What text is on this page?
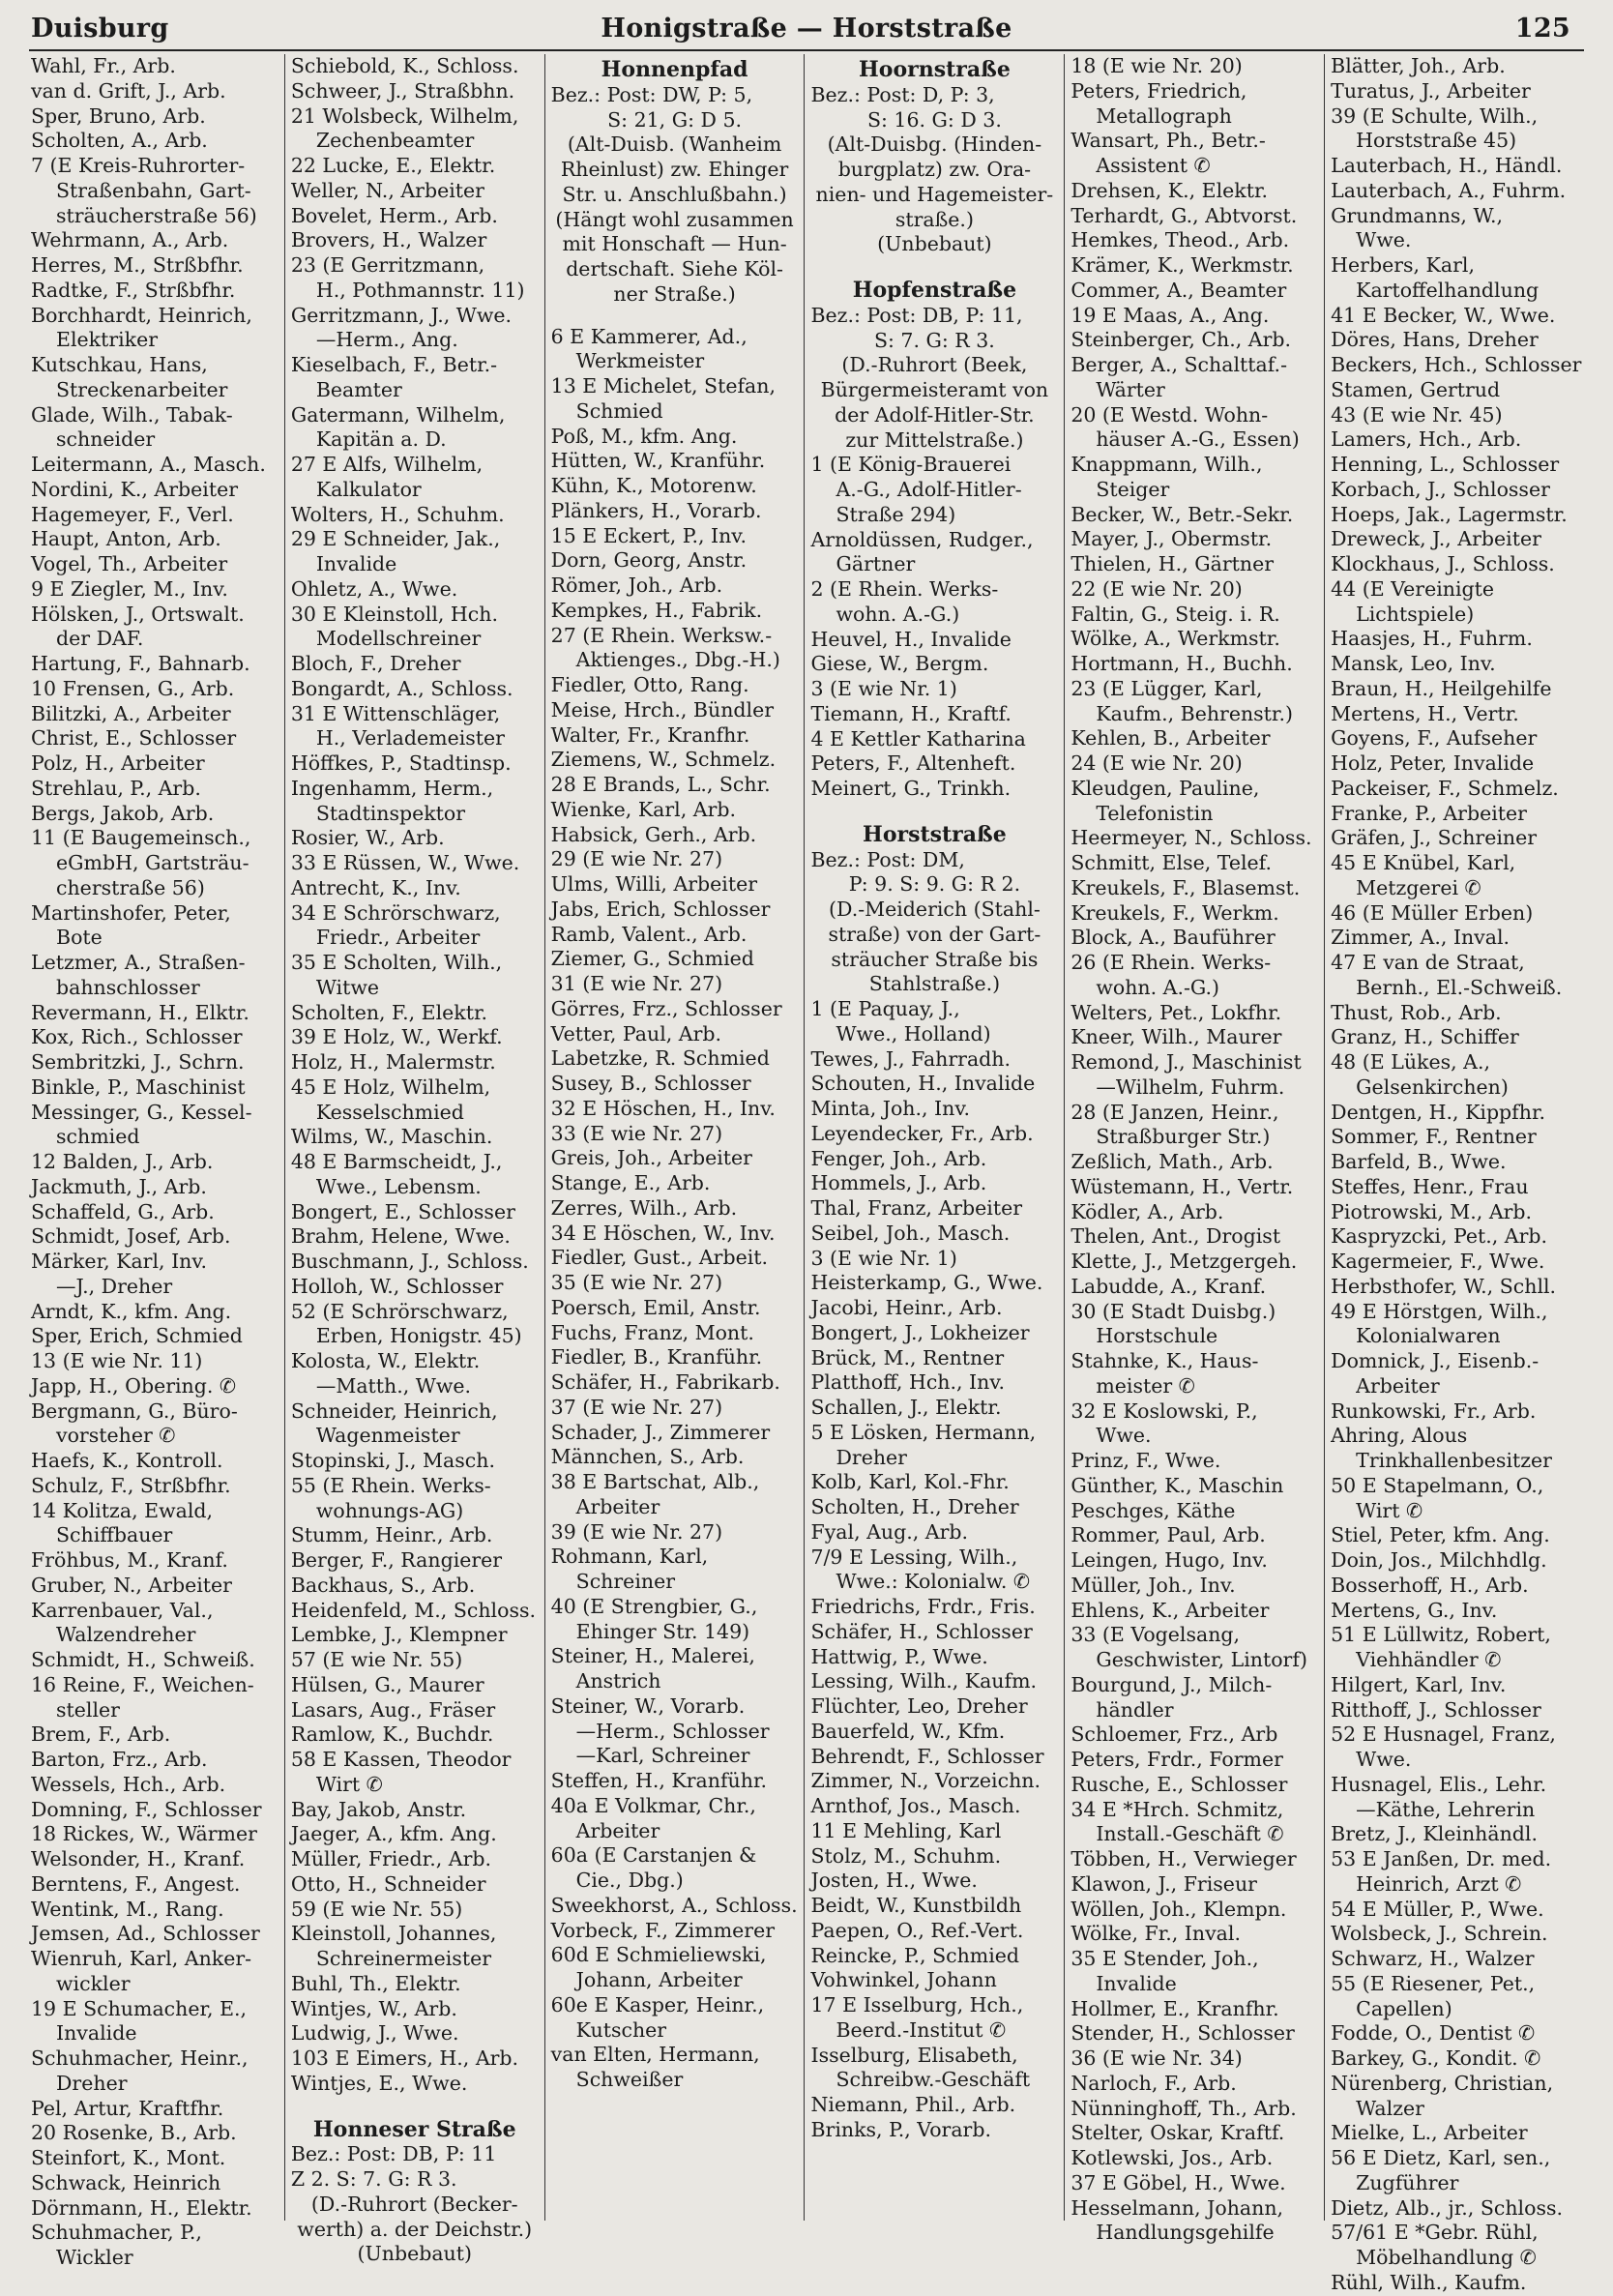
Duisburg	Honigstraße — Horststraße	125
Wahl, Fr., Arb.
van d. Grift, J., Arb.
Sper, Bruno, Arb.
Scholten, A., Arb.
7 (E Kreis-Ruhrorter-
Straßenbahn, Gart-
sträucherstraße 56)
Wehrmann, A., Arb.
Herres, M., Strßbfhr.
Radtke, F., Strßbfhr.
Borchhardt, Heinrich,
Elektriker
Kutschkau, Hans,
Streckenarbeiter
Glade, Wilh., Tabak-
schneider
Leitermann, A., Masch.
Nordini, K., Arbeiter
Hagemeyer, F., Verl.
Haupt, Anton, Arb.
Vogel, Th., Arbeiter
9 E Ziegler, M., Inv.
Hölsken, J., Ortswalt.
der DAF.
Hartung, F., Bahnarb.
10 Frensen, G., Arb.
Bilitzki, A., Arbeiter
Christ, E., Schlosser
Polz, H., Arbeiter
Strehlau, P., Arb.
Bergs, Jakob, Arb.
11 (E Baugemeinsch.,
eGmbH, Gartsträu-
cherstraße 56)
Martinshofer, Peter,
Bote
Letzmer, A., Straßen-
bahnschlosser
Revermann, H., Elktr.
Kox, Rich., Schlosser
Sembritzki, J., Schrn.
Binkle, P., Maschinist
Messinger, G., Kessel-
schmied
12 Balden, J., Arb.
Jackmuth, J., Arb.
Schaffeld, G., Arb.
Schmidt, Josef, Arb.
Märker, Karl, Inv.
—J., Dreher
Arndt, K., kfm. Ang.
Sper, Erich, Schmied
13 (E wie Nr. 11)
Japp, H., Obering. ✆
Bergmann, G., Büro-
vorsteher ✆
Haefs, K., Kontroll.
Schulz, F., Strßbfhr.
14 Kolitza, Ewald,
Schiffbauer
Fröhbus, M., Kranf.
Gruber, N., Arbeiter
Karrenbauer, Val.,
Walzendreher
Schmidt, H., Schweiß.
16 Reine, F., Weichen-
steller
Brem, F., Arb.
Barton, Frz., Arb.
Wessels, Hch., Arb.
Domning, F., Schlosser
18 Rickes, W., Wärmer
Welsonder, H., Kranf.
Berntens, F., Angest.
Wentink, M., Rang.
Jemsen, Ad., Schlosser
Wienruh, Karl, Anker-
wickler
19 E Schumacher, E.,
Invalide
Schuhmacher, Heinr.,
Dreher
Pel, Artur, Kraftfhr.
20 Rosenke, B., Arb.
Steinfort, K., Mont.
Schwack, Heinrich
Dörnmann, H., Elektr.
Schuhmacher, P.,
Wickler
Schiebold, K., Schloss.
Schweer, J., Straßbhn.
21 Wolsbeck, Wilhelm,
Zechenbeamter
22 Lucke, E., Elektr.
Weller, N., Arbeiter
Bovelet, Herm., Arb.
Brovers, H., Walzer
23 (E Gerritzmann,
H., Pothmannstr. 11)
Gerritzmann, J., Wwe.
—Herm., Ang.
Kieselbach, F., Betr.-
Beamter
Gatermann, Wilhelm,
Kapitän a. D.
27 E Alfs, Wilhelm,
Kalkulator
Wolters, H., Schuhm.
29 E Schneider, Jak.,
Invalide
Ohletz, A., Wwe.
30 E Kleinstoll, Hch.
Modellschreiner
Bloch, F., Dreher
Bongardt, A., Schloss.
31 E Wittenschläger,
H., Verlademeister
Höffkes, P., Stadtinsp.
Ingenhamm, Herm.,
Stadtinspektor
Rosier, W., Arb.
33 E Rüssen, W., Wwe.
Antrecht, K., Inv.
34 E Schrörschwarz,
Friedr., Arbeiter
35 E Scholten, Wilh.,
Witwe
Scholten, F., Elektr.
39 E Holz, W., Werkf.
Holz, H., Malermstr.
45 E Holz, Wilhelm,
Kesselschmied
Wilms, W., Maschin.
48 E Barmscheidt, J.,
Wwe., Lebensm.
Bongert, E., Schlosser
Brahm, Helene, Wwe.
Buschmann, J., Schloss.
Holloh, W., Schlosser
52 (E Schrörschwarz,
Erben, Honigstr. 45)
Kolosta, W., Elektr.
—Matth., Wwe.
Schneider, Heinrich,
Wagenmeister
Stopinski, J., Masch.
55 (E Rhein. Werks-
wohnungs-AG)
Stumm, Heinr., Arb.
Berger, F., Rangierer
Backhaus, S., Arb.
Heidenfeld, M., Schloss.
Lembke, J., Klempner
57 (E wie Nr. 55)
Hülsen, G., Maurer
Lasars, Aug., Fräser
Ramlow, K., Buchdr.
58 E Kassen, Theodor
Wirt ✆
Bay, Jakob, Anstr.
Jaeger, A., kfm. Ang.
Müller, Friedr., Arb.
Otto, H., Schneider
59 (E wie Nr. 55)
Kleinstoll, Johannes,
Schreinermeister
Buhl, Th., Elektr.
Wintjes, W., Arb.
Ludwig, J., Wwe.
103 E Eimers, H., Arb.
Wintjes, E., Wwe.
Honneser Straße
Bez.: Post: DB, P: 11
Z 2. S: 7. G: R 3.
(D.-Ruhrort (Becker-
werth) a. der Deichstr.)
(Unbebaut)
Honnenpfad
Bez.: Post: DW, P: 5,
S: 21, G: D 5.
(Alt-Duisb. (Wanheim
Rheinlust) zw. Ehinger
Str. u. Anschlußbahn.)
(Hängt wohl zusammen
mit Honschaft — Hun-
dertschaft. Siehe Köl-
ner Straße.)
6 E Kammerer, Ad.,
Werkmeister
13 E Michelet, Stefan,
Schmied
Poß, M., kfm. Ang.
Hütten, W., Kranführ.
Kühn, K., Motorenw.
Plänkers, H., Vorarb.
15 E Eckert, P., Inv.
Dorn, Georg, Anstr.
Römer, Joh., Arb.
Kempkes, H., Fabrik.
27 (E Rhein. Werksw.-
Aktienges., Dbg.-H.)
Fiedler, Otto, Rang.
Meise, Hrch., Bündler
Walter, Fr., Kranfhr.
Ziemens, W., Schmelz.
28 E Brands, L., Schr.
Wienke, Karl, Arb.
Habsick, Gerh., Arb.
29 (E wie Nr. 27)
Ulms, Willi, Arbeiter
Jabs, Erich, Schlosser
Ramb, Valent., Arb.
Ziemer, G., Schmied
31 (E wie Nr. 27)
Görres, Frz., Schlosser
Vetter, Paul, Arb.
Labetzke, R. Schmied
Susey, B., Schlosser
32 E Höschen, H., Inv.
33 (E wie Nr. 27)
Greis, Joh., Arbeiter
Stange, E., Arb.
Zerres, Wilh., Arb.
34 E Höschen, W., Inv.
Fiedler, Gust., Arbeit.
35 (E wie Nr. 27)
Poersch, Emil, Anstr.
Fuchs, Franz, Mont.
Fiedler, B., Kranführ.
Schäfer, H., Fabrikarb.
37 (E wie Nr. 27)
Schader, J., Zimmerer
Männchen, S., Arb.
38 E Bartschat, Alb.,
Arbeiter
39 (E wie Nr. 27)
Rohmann, Karl,
Schreiner
40 (E Strengbier, G.,
Ehinger Str. 149)
Steiner, H., Malerei,
Anstrich
Steiner, W., Vorarb.
—Herm., Schlosser
—Karl, Schreiner
Steffen, H., Kranführ.
40a E Volkmar, Chr.,
Arbeiter
60a (E Carstanjen &
Cie., Dbg.)
Sweekhorst, A., Schloss.
Vorbeck, F., Zimmerer
60d E Schmieliewski,
Johann, Arbeiter
60e E Kasper, Heinr.,
Kutscher
van Elten, Hermann,
Schweißer
Hoornstraße
Bez.: Post: D, P: 3,
S: 16. G: D 3.
(Alt-Duisbg. (Hinden-
burgplatz) zw. Ora-
nien- und Hagemeister-
straße.)
(Unbebaut)
Hopfenstraße
Bez.: Post: DB, P: 11,
S: 7. G: R 3.
(D.-Ruhrort (Beek,
Bürgermeisteramt von
der Adolf-Hitler-Str.
zur Mittelstraße.)
1 (E König-Brauerei
A.-G., Adolf-Hitler-
Straße 294)
Arnoldüssen, Rudger.,
Gärtner
2 (E Rhein. Werks-
wohn. A.-G.)
Heuvel, H., Invalide
Giese, W., Bergm.
3 (E wie Nr. 1)
Tiemann, H., Kraftf.
4 E Kettler Katharina
Peters, F., Altenheft.
Meinert, G., Trinkh.
Horststraße
Bez.: Post: DM,
P: 9. S: 9. G: R 2.
(D.-Meiderich (Stahl-
straße) von der Gart-
sträucher Straße bis
Stahlstraße.)
1 (E Paquay, J.,
Wwe., Holland)
Tewes, J., Fahrradh.
Schouten, H., Invalide
Minta, Joh., Inv.
Leyendecker, Fr., Arb.
Fenger, Joh., Arb.
Hommels, J., Arb.
Thal, Franz, Arbeiter
Seibel, Joh., Masch.
3 (E wie Nr. 1)
Heisterkamp, G., Wwe.
Jacobi, Heinr., Arb.
Bongert, J., Lokheizer
Brück, M., Rentner
Platthoff, Hch., Inv.
Schallen, J., Elektr.
5 E Lösken, Hermann,
Dreher
Kolb, Karl, Kol.-Fhr.
Scholten, H., Dreher
Fyal, Aug., Arb.
7/9 E Lessing, Wilh.,
Wwe.: Kolonialw. ✆
Friedrichs, Frdr., Fris.
Schäfer, H., Schlosser
Hattwig, P., Wwe.
Lessing, Wilh., Kaufm.
Flüchter, Leo, Dreher
Bauerfeld, W., Kfm.
Behrendt, F., Schlosser
Zimmer, N., Vorzeichn.
Arnthof, Jos., Masch.
11 E Mehling, Karl
Stolz, M., Schuhm.
Josten, H., Wwe.
Beidt, W., Kunstbildh
Paepen, O., Ref.-Vert.
Reincke, P., Schmied
Vohwinkel, Johann
17 E Isselburg, Hch.,
Beerd.-Institut ✆
Isselburg, Elisabeth,
Schreibw.-Geschäft
Niemann, Phil., Arb.
Brinks, P., Vorarb.
18 (E wie Nr. 20)
Peters, Friedrich,
Metallograph
Wansart, Ph., Betr.-
Assistent ✆
Drehsen, K., Elektr.
Terhardt, G., Abtvorst.
Hemkes, Theod., Arb.
Krämer, K., Werkmstr.
Commer, A., Beamter
19 E Maas, A., Ang.
Steinberger, Ch., Arb.
Berger, A., Schalttaf.-
Wärter
20 (E Westd. Wohn-
häuser A.-G., Essen)
Knappmann, Wilh.,
Steiger
Becker, W., Betr.-Sekr.
Mayer, J., Obermstr.
Thielen, H., Gärtner
22 (E wie Nr. 20)
Faltin, G., Steig. i. R.
Wölke, A., Werkmstr.
Hortmann, H., Buchh.
23 (E Lügger, Karl,
Kaufm., Behrenstr.)
Kehlen, B., Arbeiter
24 (E wie Nr. 20)
Kleudgen, Pauline,
Telefonistin
Heermeyer, N., Schloss.
Schmitt, Else, Telef.
Kreukels, F., Blasemst.
Kreukels, F., Werkm.
Block, A., Bauführer
26 (E Rhein. Werks-
wohn. A.-G.)
Welters, Pet., Lokfhr.
Kneer, Wilh., Maurer
Remond, J., Maschinist
—Wilhelm, Fuhrm.
28 (E Janzen, Heinr.,
Straßburger Str.)
Zeßlich, Math., Arb.
Wüstemann, H., Vertr.
Ködler, A., Arb.
Thelen, Ant., Drogist
Klette, J., Metzgergeh.
Labudde, A., Kranf.
30 (E Stadt Duisbg.)
Horstschule
Stahnke, K., Haus-
meister ✆
32 E Koslowski, P.,
Wwe.
Prinz, F., Wwe.
Günther, K., Maschin
Peschges, Käthe
Rommer, Paul, Arb.
Leingen, Hugo, Inv.
Müller, Joh., Inv.
Ehlens, K., Arbeiter
33 (E Vogelsang,
Geschwister, Lintorf)
Bourgund, J., Milch-
händler
Schloemer, Frz., Arb
Peters, Frdr., Former
Rusche, E., Schlosser
34 E *Hrch. Schmitz,
Install.-Geschäft ✆
Többen, H., Verwieger
Klawon, J., Friseur
Wöllen, Joh., Klempn.
Wölke, Fr., Inval.
35 E Stender, Joh.,
Invalide
Hollmer, E., Kranfhr.
Stender, H., Schlosser
36 (E wie Nr. 34)
Narloch, F., Arb.
Nünninghoff, Th., Arb.
Stelter, Oskar, Kraftf.
Kotlewski, Jos., Arb.
37 E Göbel, H., Wwe.
Hesselmann, Johann,
Handlungsgehilfe
Blätter, Joh., Arb.
Turatus, J., Arbeiter
39 (E Schulte, Wilh.,
Horststraße 45)
Lauterbach, H., Händl.
Lauterbach, A., Fuhrm.
Grundmanns, W.,
Wwe.
Herbers, Karl,
Kartoffelhandlung
41 E Becker, W., Wwe.
Döres, Hans, Dreher
Beckers, Hch., Schlosser
Stamen, Gertrud
43 (E wie Nr. 45)
Lamers, Hch., Arb.
Henning, L., Schlosser
Korbach, J., Schlosser
Hoeps, Jak., Lagermstr.
Dreweck, J., Arbeiter
Klockhaus, J., Schloss.
44 (E Vereinigte
Lichtspiele)
Haasjes, H., Fuhrm.
Mansk, Leo, Inv.
Braun, H., Heilgehilfe
Mertens, H., Vertr.
Goyens, F., Aufseher
Holz, Peter, Invalide
Packeiser, F., Schmelz.
Franke, P., Arbeiter
Gräfen, J., Schreiner
45 E Knübel, Karl,
Metzgerei ✆
46 (E Müller Erben)
Zimmer, A., Inval.
47 E van de Straat,
Bernh., El.-Schweiß.
Thust, Rob., Arb.
Granz, H., Schiffer
48 (E Lükes, A.,
Gelsenkirchen)
Dentgen, H., Kippfhr.
Sommer, F., Rentner
Barfeld, B., Wwe.
Steffes, Henr., Frau
Piotrowski, M., Arb.
Kaspryzcki, Pet., Arb.
Kagermeier, F., Wwe.
Herbsthofer, W., Schll.
49 E Hörstgen, Wilh.,
Kolonialwaren
Domnick, J., Eisenb.-
Arbeiter
Runkowski, Fr., Arb.
Ahring, Alous
Trinkhallenbesitzer
50 E Stapelmann, O.,
Wirt ✆
Stiel, Peter, kfm. Ang.
Doin, Jos., Milchhdlg.
Bosserhoff, H., Arb.
Mertens, G., Inv.
51 E Lüllwitz, Robert,
Viehhändler ✆
Hilgert, Karl, Inv.
Ritthoff, J., Schlosser
52 E Husnagel, Franz,
Wwe.
Husnagel, Elis., Lehr.
—Käthe, Lehrerin
Bretz, J., Kleinhändl.
53 E Janßen, Dr. med.
Heinrich, Arzt ✆
54 E Müller, P., Wwe.
Wolsbeck, J., Schrein.
Schwarz, H., Walzer
55 (E Riesener, Pet.,
Capellen)
Fodde, O., Dentist ✆
Barkey, G., Kondit. ✆
Nürenberg, Christian,
Walzer
Mielke, L., Arbeiter
56 E Dietz, Karl, sen.,
Zugführer
Dietz, Alb., jr., Schloss.
57/61 E *Gebr. Rühl,
Möbelhandlung ✆
Rühl, Wilh., Kaufm.
